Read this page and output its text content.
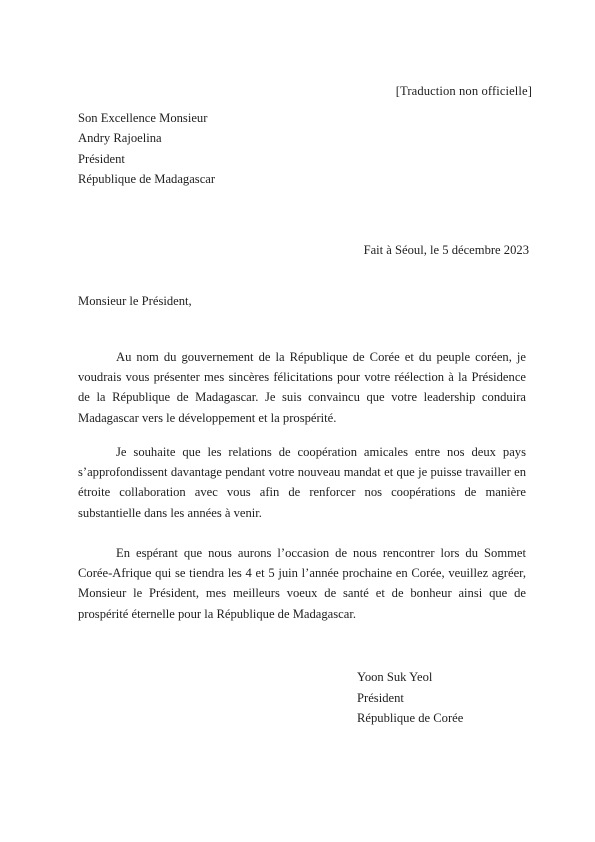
[Traduction non officielle]
Son Excellence Monsieur
Andry Rajoelina
Président
République de Madagascar
Fait à Séoul, le 5 décembre 2023
Monsieur le Président,

Au nom du gouvernement de la République de Corée et du peuple coréen, je voudrais vous présenter mes sincères félicitations pour votre réélection à la Présidence de la République de Madagascar. Je suis convaincu que votre leadership conduira Madagascar vers le développement et la prospérité.

Je souhaite que les relations de coopération amicales entre nos deux pays s’approfondissent davantage pendant votre nouveau mandat et que je puisse travailler en étroite collaboration avec vous afin de renforcer nos coopérations de manière substantielle dans les années à venir.

En espérant que nous aurons l’occasion de nous rencontrer lors du Sommet Corée-Afrique qui se tiendra les 4 et 5 juin l’année prochaine en Corée, veuillez agréer, Monsieur le Président, mes meilleurs voeux de santé et de bonheur ainsi que de prospérité éternelle pour la République de Madagascar.

Yoon Suk Yeol
Président
République de Corée
